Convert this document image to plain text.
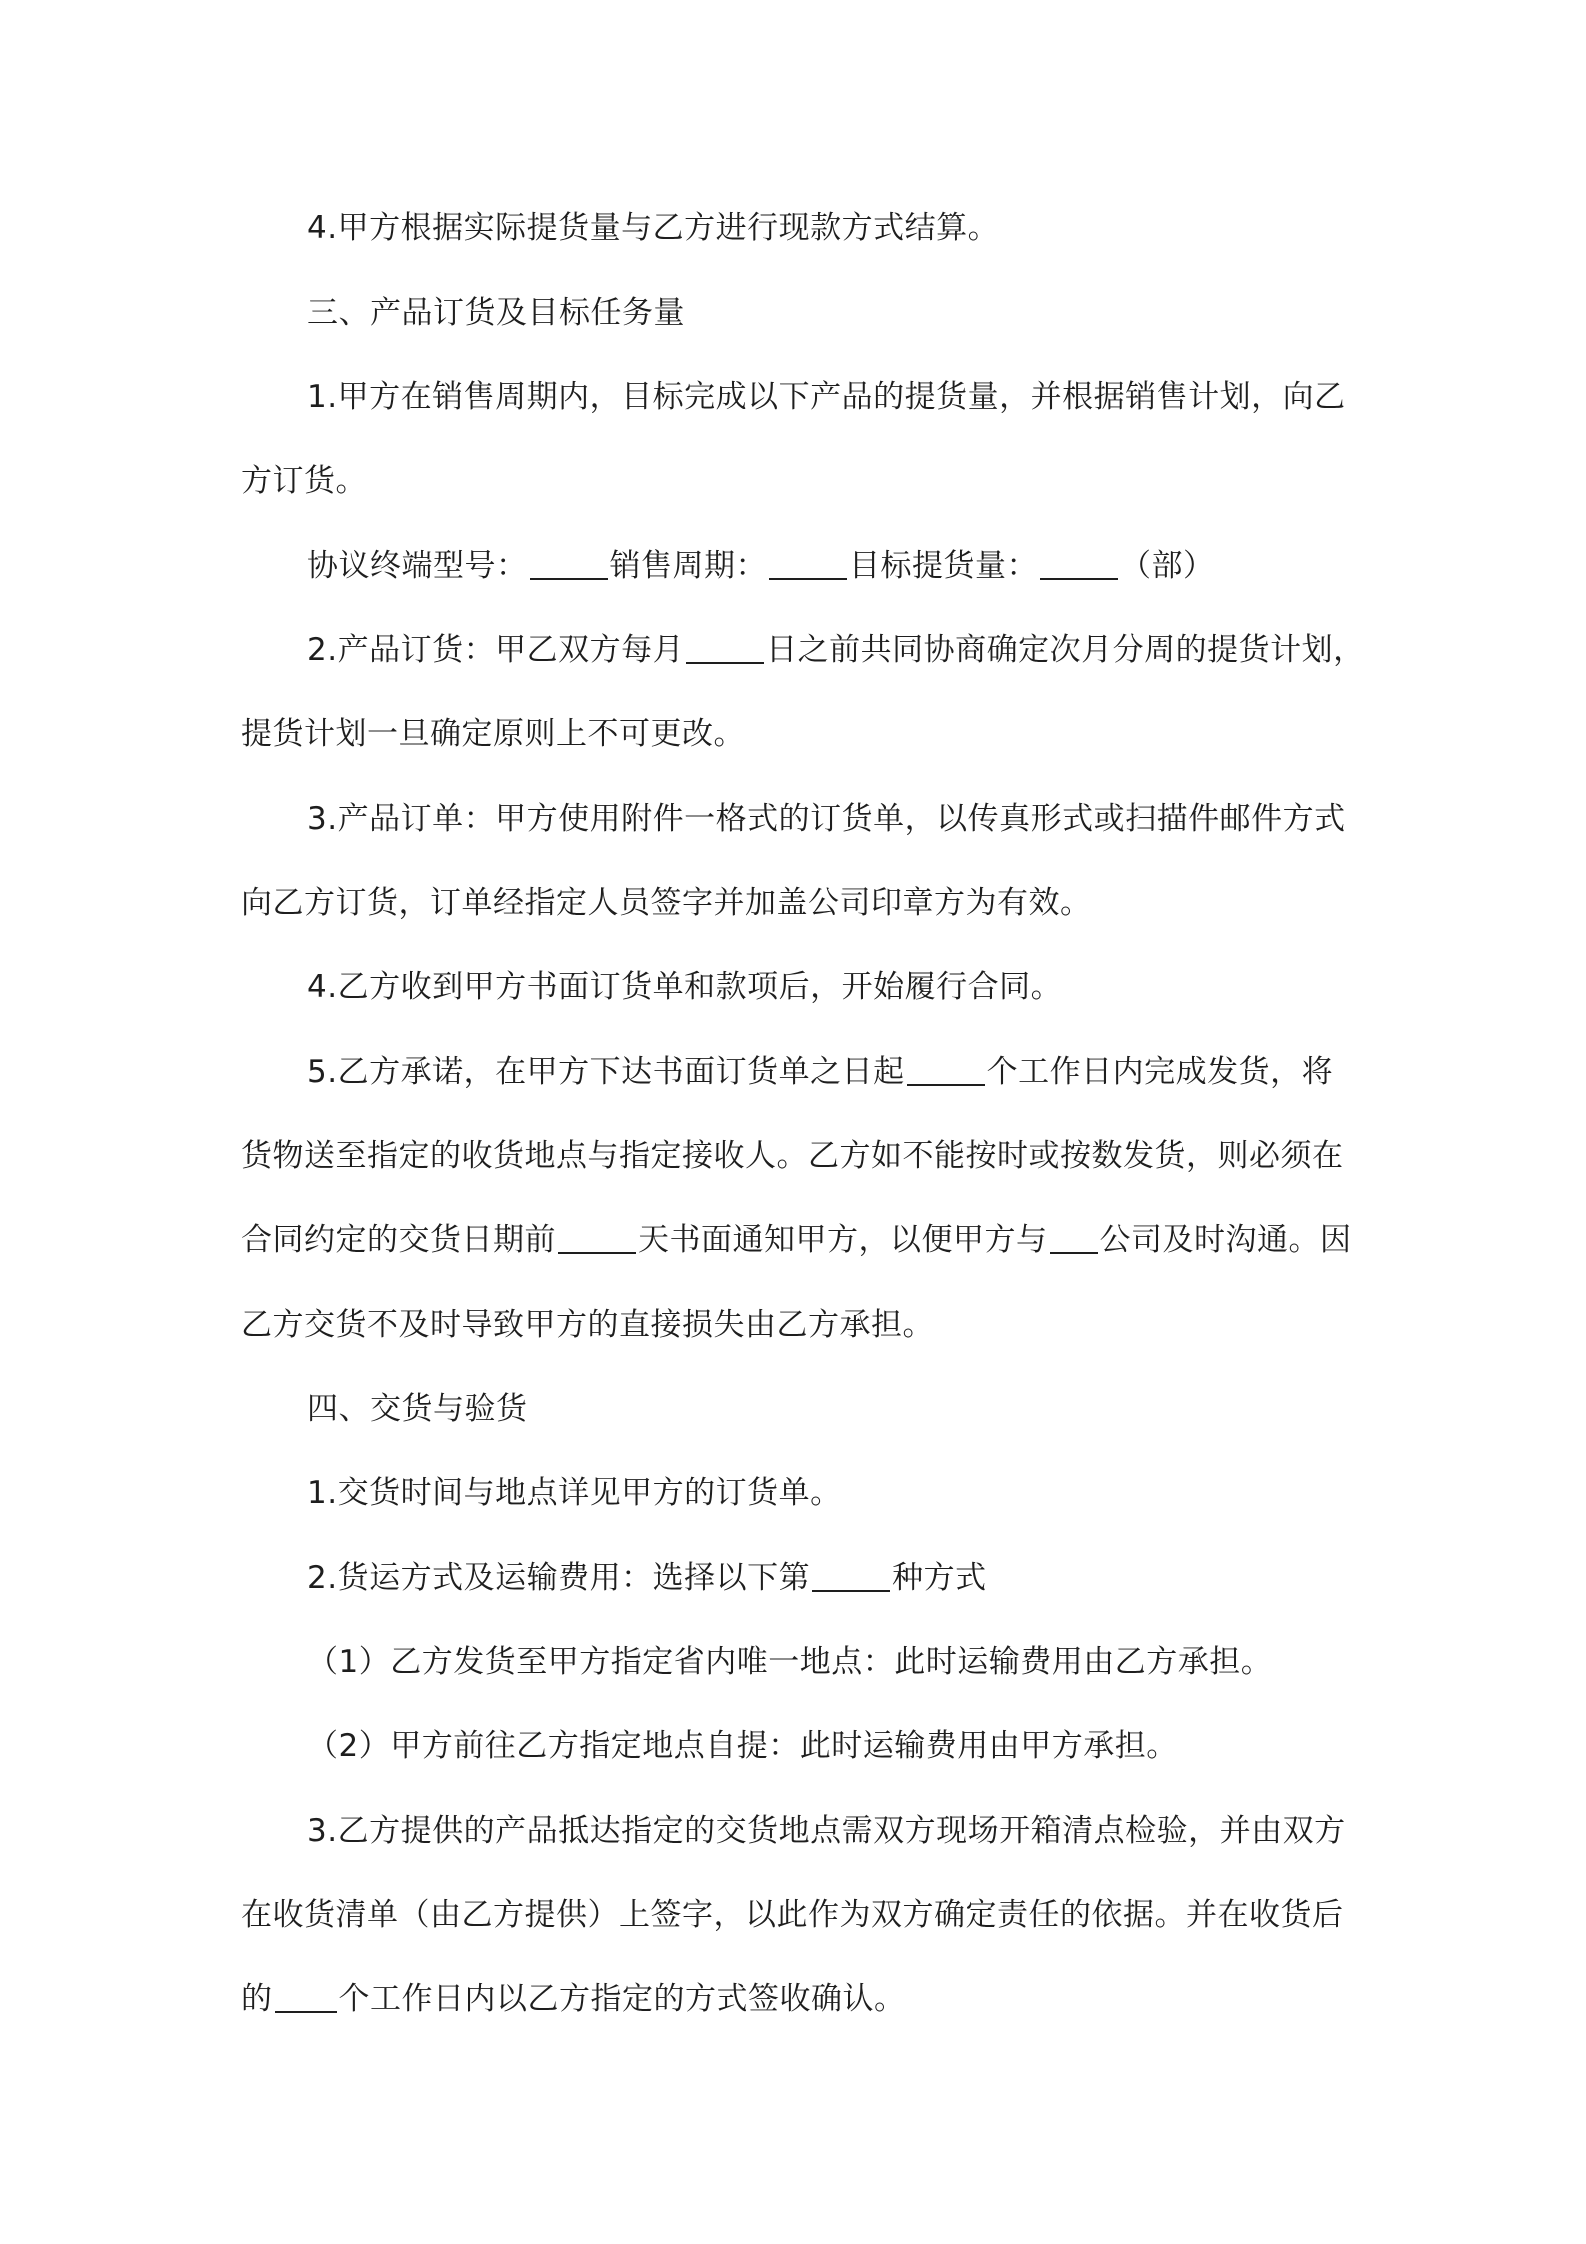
4.甲方根据实际提货量与乙方进行现款方式结算。
三、产品订货及目标任务量
1.甲方在销售周期内，目标完成以下产品的提货量，并根据销售计划，向乙
方订货。
协议终端型号：	销售周期：	目标提货量：	（部）
2.产品订货：甲乙双方每月	日之前共同协商确定次月分周的提货计划，
提货计划一旦确定原则上不可更改。
3.产品订单：甲方使用附件一格式的订货单，以传真形式或扫描件邮件方式
向乙方订货，订单经指定人员签字并加盖公司印章方为有效。
4.乙方收到甲方书面订货单和款项后，开始履行合同。
5.乙方承诺，在甲方下达书面订货单之日起	个工作日内完成发货，将
货物送至指定的收货地点与指定接收人。乙方如不能按时或按数发货，则必须在
合同约定的交货日期前	天书面通知甲方，以便甲方与 公司及时沟通。因
乙方交货不及时导致甲方的直接损失由乙方承担。
四、交货与验货
1.交货时间与地点详见甲方的订货单。
2.货运方式及运输费用：选择以下第	种方式
（1）乙方发货至甲方指定省内唯一地点：此时运输费用由乙方承担。
（2）甲方前往乙方指定地点自提：此时运输费用由甲方承担。
3.乙方提供的产品抵达指定的交货地点需双方现场开箱清点检验，并由双方
在收货清单（由乙方提供）上签字，以此作为双方确定责任的依据。并在收货后
的 个工作日内以乙方指定的方式签收确认。
